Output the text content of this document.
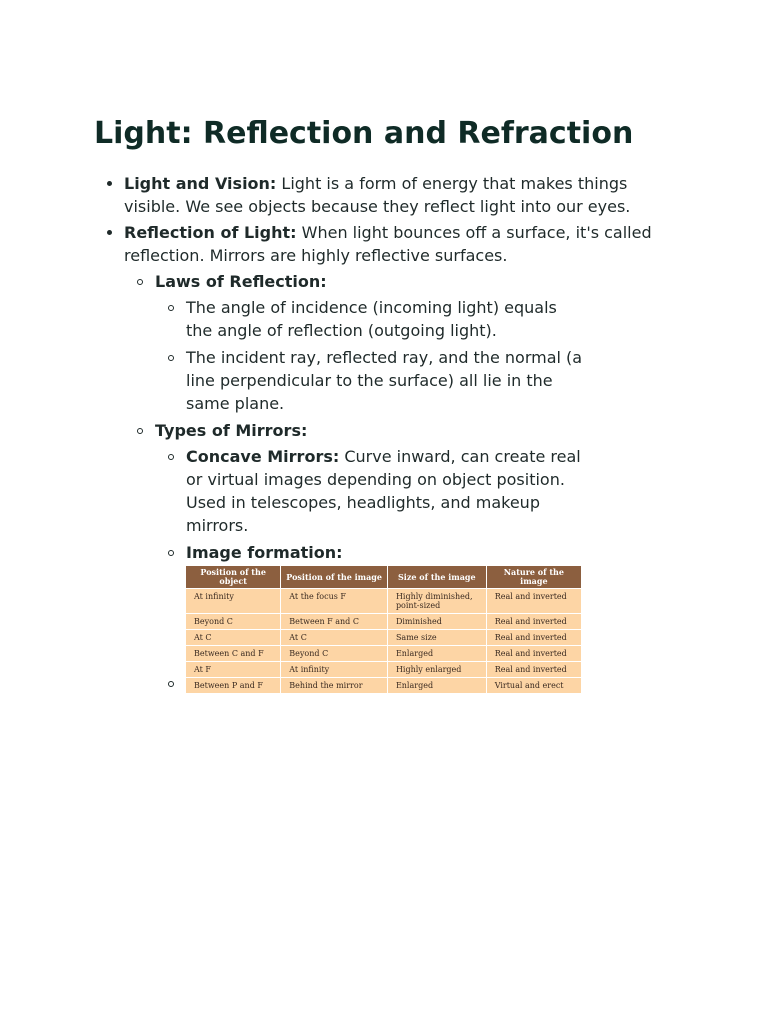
Light: Reflection and Refraction
Light and Vision: Light is a form of energy that makes things visible. We see objects because they reflect light into our eyes.
Reflection of Light: When light bounces off a surface, it's called reflection. Mirrors are highly reflective surfaces.
Laws of Reflection:
The angle of incidence (incoming light) equals the angle of reflection (outgoing light).
The incident ray, reflected ray, and the normal (a line perpendicular to the surface) all lie in the same plane.
Types of Mirrors:
Concave Mirrors: Curve inward, can create real or virtual images depending on object position. Used in telescopes, headlights, and makeup mirrors.
Image formation:
Position of the object	Position of the image	Size of the image	Nature of the image
At infinity	At the focus F	Highly diminished, point-sized	Real and inverted
Beyond C	Between F and C	Diminished	Real and inverted
At C	At C	Same size	Real and inverted
Between C and F	Beyond C	Enlarged	Real and inverted
At F	At infinity	Highly enlarged	Real and inverted
Between P and F	Behind the mirror	Enlarged	Virtual and erect
